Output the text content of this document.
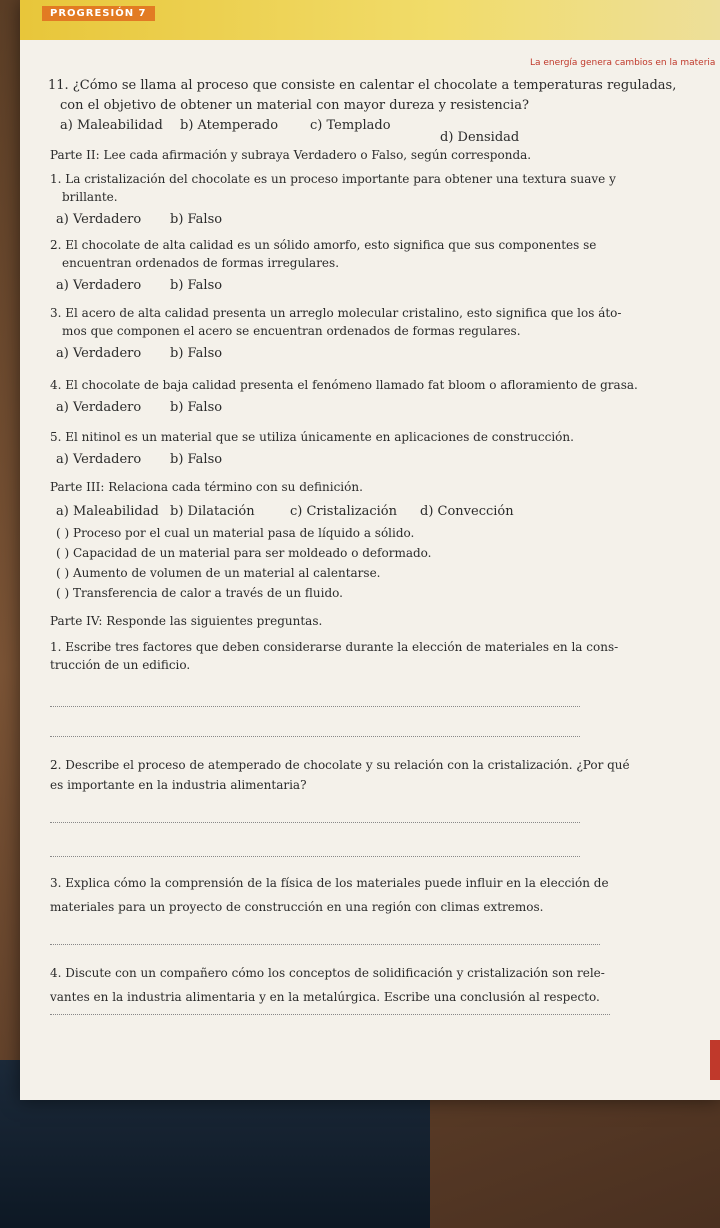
PROGRESIÓN 7
La energía genera cambios en la materia
11. ¿Cómo se llama al proceso que consiste en calentar el chocolate a temperaturas reguladas,
con el objetivo de obtener un material con mayor dureza y resistencia?
a) Maleabilidad b) Atemperado c) Templado
d) Densidad
Parte II: Lee cada afirmación y subraya Verdadero o Falso, según corresponda.
1. La cristalización del chocolate es un proceso importante para obtener una textura suave y
brillante.
a) Verdadero b) Falso
2. El chocolate de alta calidad es un sólido amorfo, esto significa que sus componentes se
encuentran ordenados de formas irregulares.
a) Verdadero b) Falso
3. El acero de alta calidad presenta un arreglo molecular cristalino, esto significa que los áto-
mos que componen el acero se encuentran ordenados de formas regulares.
a) Verdadero b) Falso
4. El chocolate de baja calidad presenta el fenómeno llamado fat bloom o afloramiento de grasa.
a) Verdadero b) Falso
5. El nitinol es un material que se utiliza únicamente en aplicaciones de construcción.
a) Verdadero b) Falso
Parte III: Relaciona cada término con su definición.
a) Maleabilidad b) Dilatación	c) Cristalización d) Convección
( ) Proceso por el cual un material pasa de líquido a sólido.
( ) Capacidad de un material para ser moldeado o deformado.
( ) Aumento de volumen de un material al calentarse.
( ) Transferencia de calor a través de un fluido.
Parte IV: Responde las siguientes preguntas.
1. Escribe tres factores que deben considerarse durante la elección de materiales en la cons-
trucción de un edificio.
2. Describe el proceso de atemperado de chocolate y su relación con la cristalización. ¿Por qué
es importante en la industria alimentaria?
3. Explica cómo la comprensión de la física de los materiales puede influir en la elección de
materiales para un proyecto de construcción en una región con climas extremos.
4. Discute con un compañero cómo los conceptos de solidificación y cristalización son rele-
vantes en la industria alimentaria y en la metalúrgica. Escribe una conclusión al respecto.
